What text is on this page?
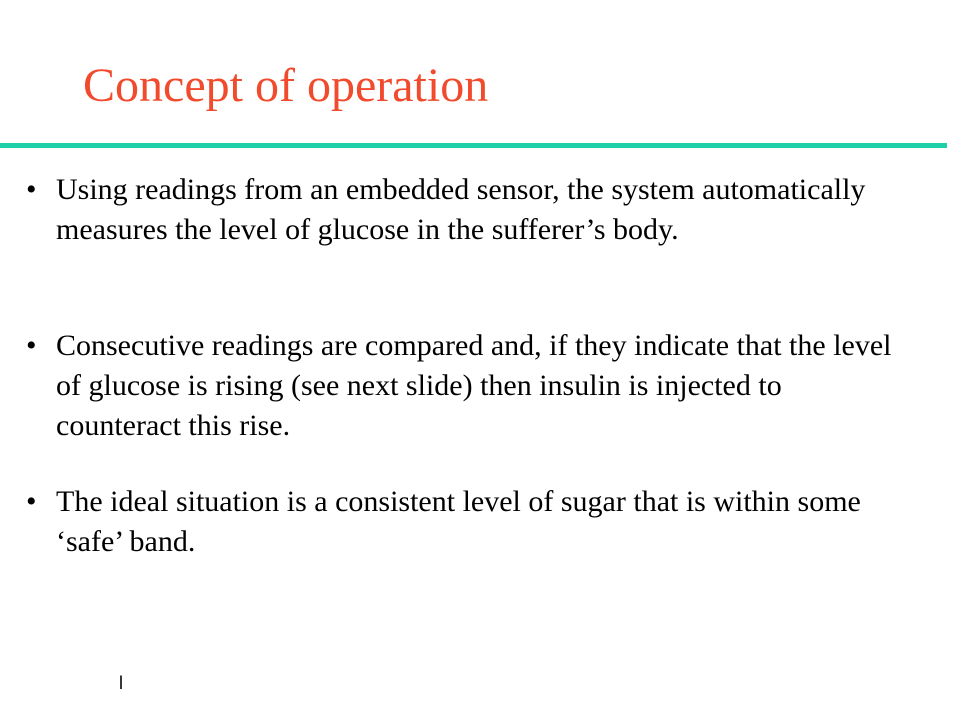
Concept of operation
• Using readings from an embedded sensor, the system automatically measures the level of glucose in the sufferer’s body.
• Consecutive readings are compared and, if they indicate that the level of glucose is rising (see next slide) then insulin is injected to counteract this rise.
• The ideal situation is a consistent level of sugar that is within some ‘safe’ band.
l
